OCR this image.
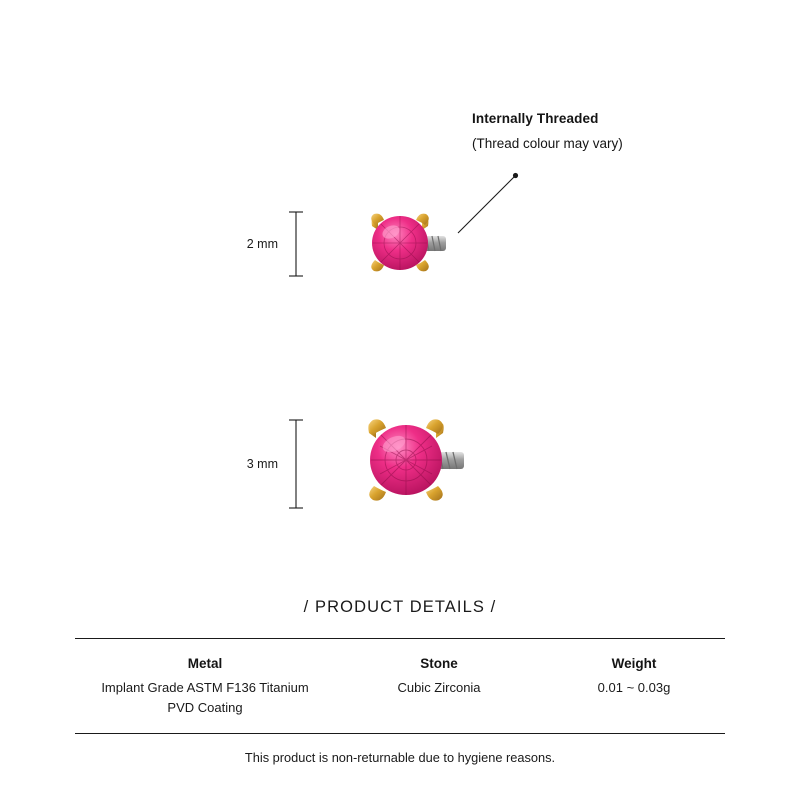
Internally Threaded
(Thread colour may vary)
2 mm
3 mm
/ PRODUCT DETAILS /
Metal	Stone	Weight

Implant Grade ASTM F136 Titanium
PVD Coating	Cubic Zirconia	0.01 ~ 0.03g
This product is non-returnable due to hygiene reasons.
